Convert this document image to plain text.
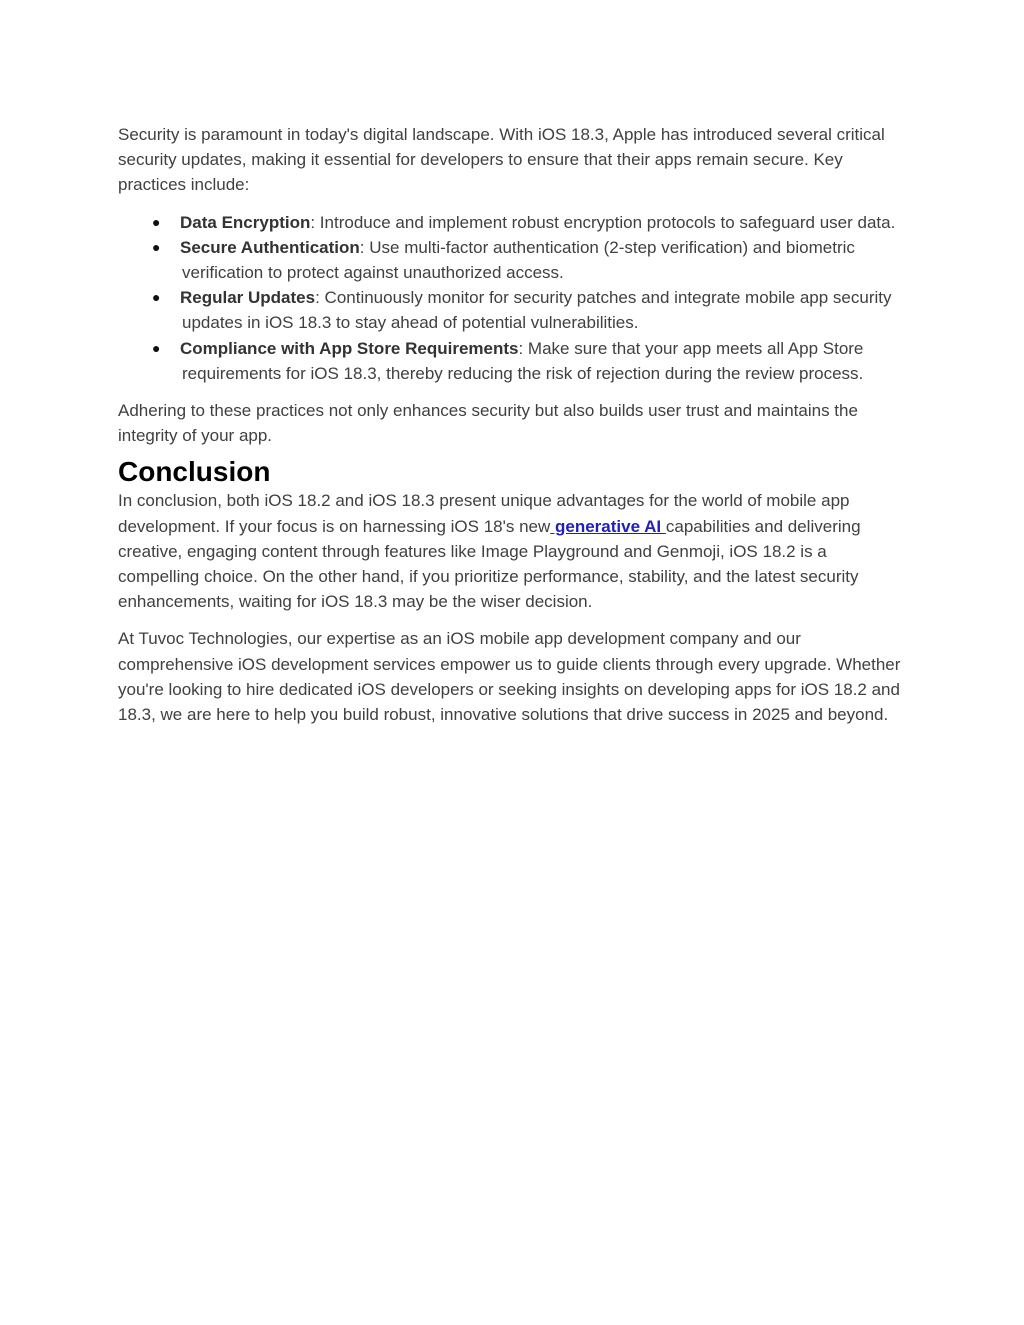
Security is paramount in today's digital landscape. With iOS 18.3, Apple has introduced several critical security updates, making it essential for developers to ensure that their apps remain secure. Key practices include:

● Data Encryption: Introduce and implement robust encryption protocols to safeguard user data.
● Secure Authentication: Use multi-factor authentication (2-step verification) and biometric verification to protect against unauthorized access.
● Regular Updates: Continuously monitor for security patches and integrate mobile app security updates in iOS 18.3 to stay ahead of potential vulnerabilities.
● Compliance with App Store Requirements: Make sure that your app meets all App Store requirements for iOS 18.3, thereby reducing the risk of rejection during the review process.

Adhering to these practices not only enhances security but also builds user trust and maintains the integrity of your app.

Conclusion

In conclusion, both iOS 18.2 and iOS 18.3 present unique advantages for the world of mobile app development. If your focus is on harnessing iOS 18's new generative AI capabilities and delivering creative, engaging content through features like Image Playground and Genmoji, iOS 18.2 is a compelling choice. On the other hand, if you prioritize performance, stability, and the latest security enhancements, waiting for iOS 18.3 may be the wiser decision.

At Tuvoc Technologies, our expertise as an iOS mobile app development company and our comprehensive iOS development services empower us to guide clients through every upgrade. Whether you're looking to hire dedicated iOS developers or seeking insights on developing apps for iOS 18.2 and 18.3, we are here to help you build robust, innovative solutions that drive success in 2025 and beyond.
